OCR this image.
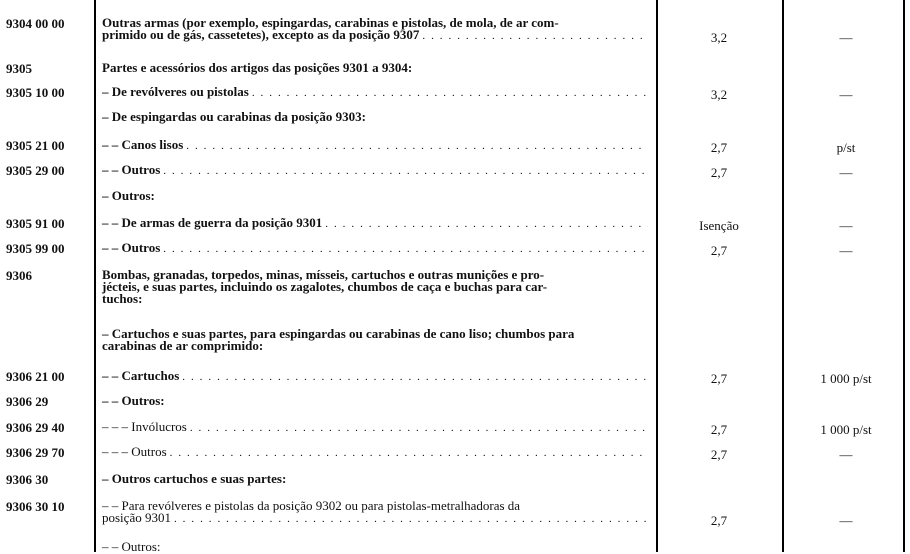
9304 00 00	Outras armas (por exemplo, espingardas, carabinas e pistolas, de mola, de ar com-
primido ou de gás, cassetetes), excepto as da posição 9307 . . .	3,2	—
9305	Partes e acessórios dos artigos das posições 9301 a 9304:
9305 10 00	– De revólveres ou pistolas . . .	3,2	—
– De espingardas ou carabinas da posição 9303:
9305 21 00	– – Canos lisos . . .	2,7	p/st
9305 29 00	– – Outros . . .	2,7	—
– Outros:
9305 91 00	– – De armas de guerra da posição 9301 . . .	Isenção	—
9305 99 00	– – Outros . . .	2,7	—
9306	Bombas, granadas, torpedos, minas, mísseis, cartuchos e outras munições e pro-
jécteis, e suas partes, incluindo os zagalotes, chumbos de caça e buchas para car-
tuchos:
– Cartuchos e suas partes, para espingardas ou carabinas de cano liso; chumbos para
carabinas de ar comprimido:
9306 21 00	– – Cartuchos . . .	2,7	1 000 p/st
9306 29	– – Outros:
9306 29 40	– – – Invólucros . . .	2,7	1 000 p/st
9306 29 70	– – – Outros . . .	2,7	—
9306 30	– Outros cartuchos e suas partes:
9306 30 10	– – Para revólveres e pistolas da posição 9302 ou para pistolas-metralhadoras da
posição 9301 . . .	2,7	—
– – Outros:
